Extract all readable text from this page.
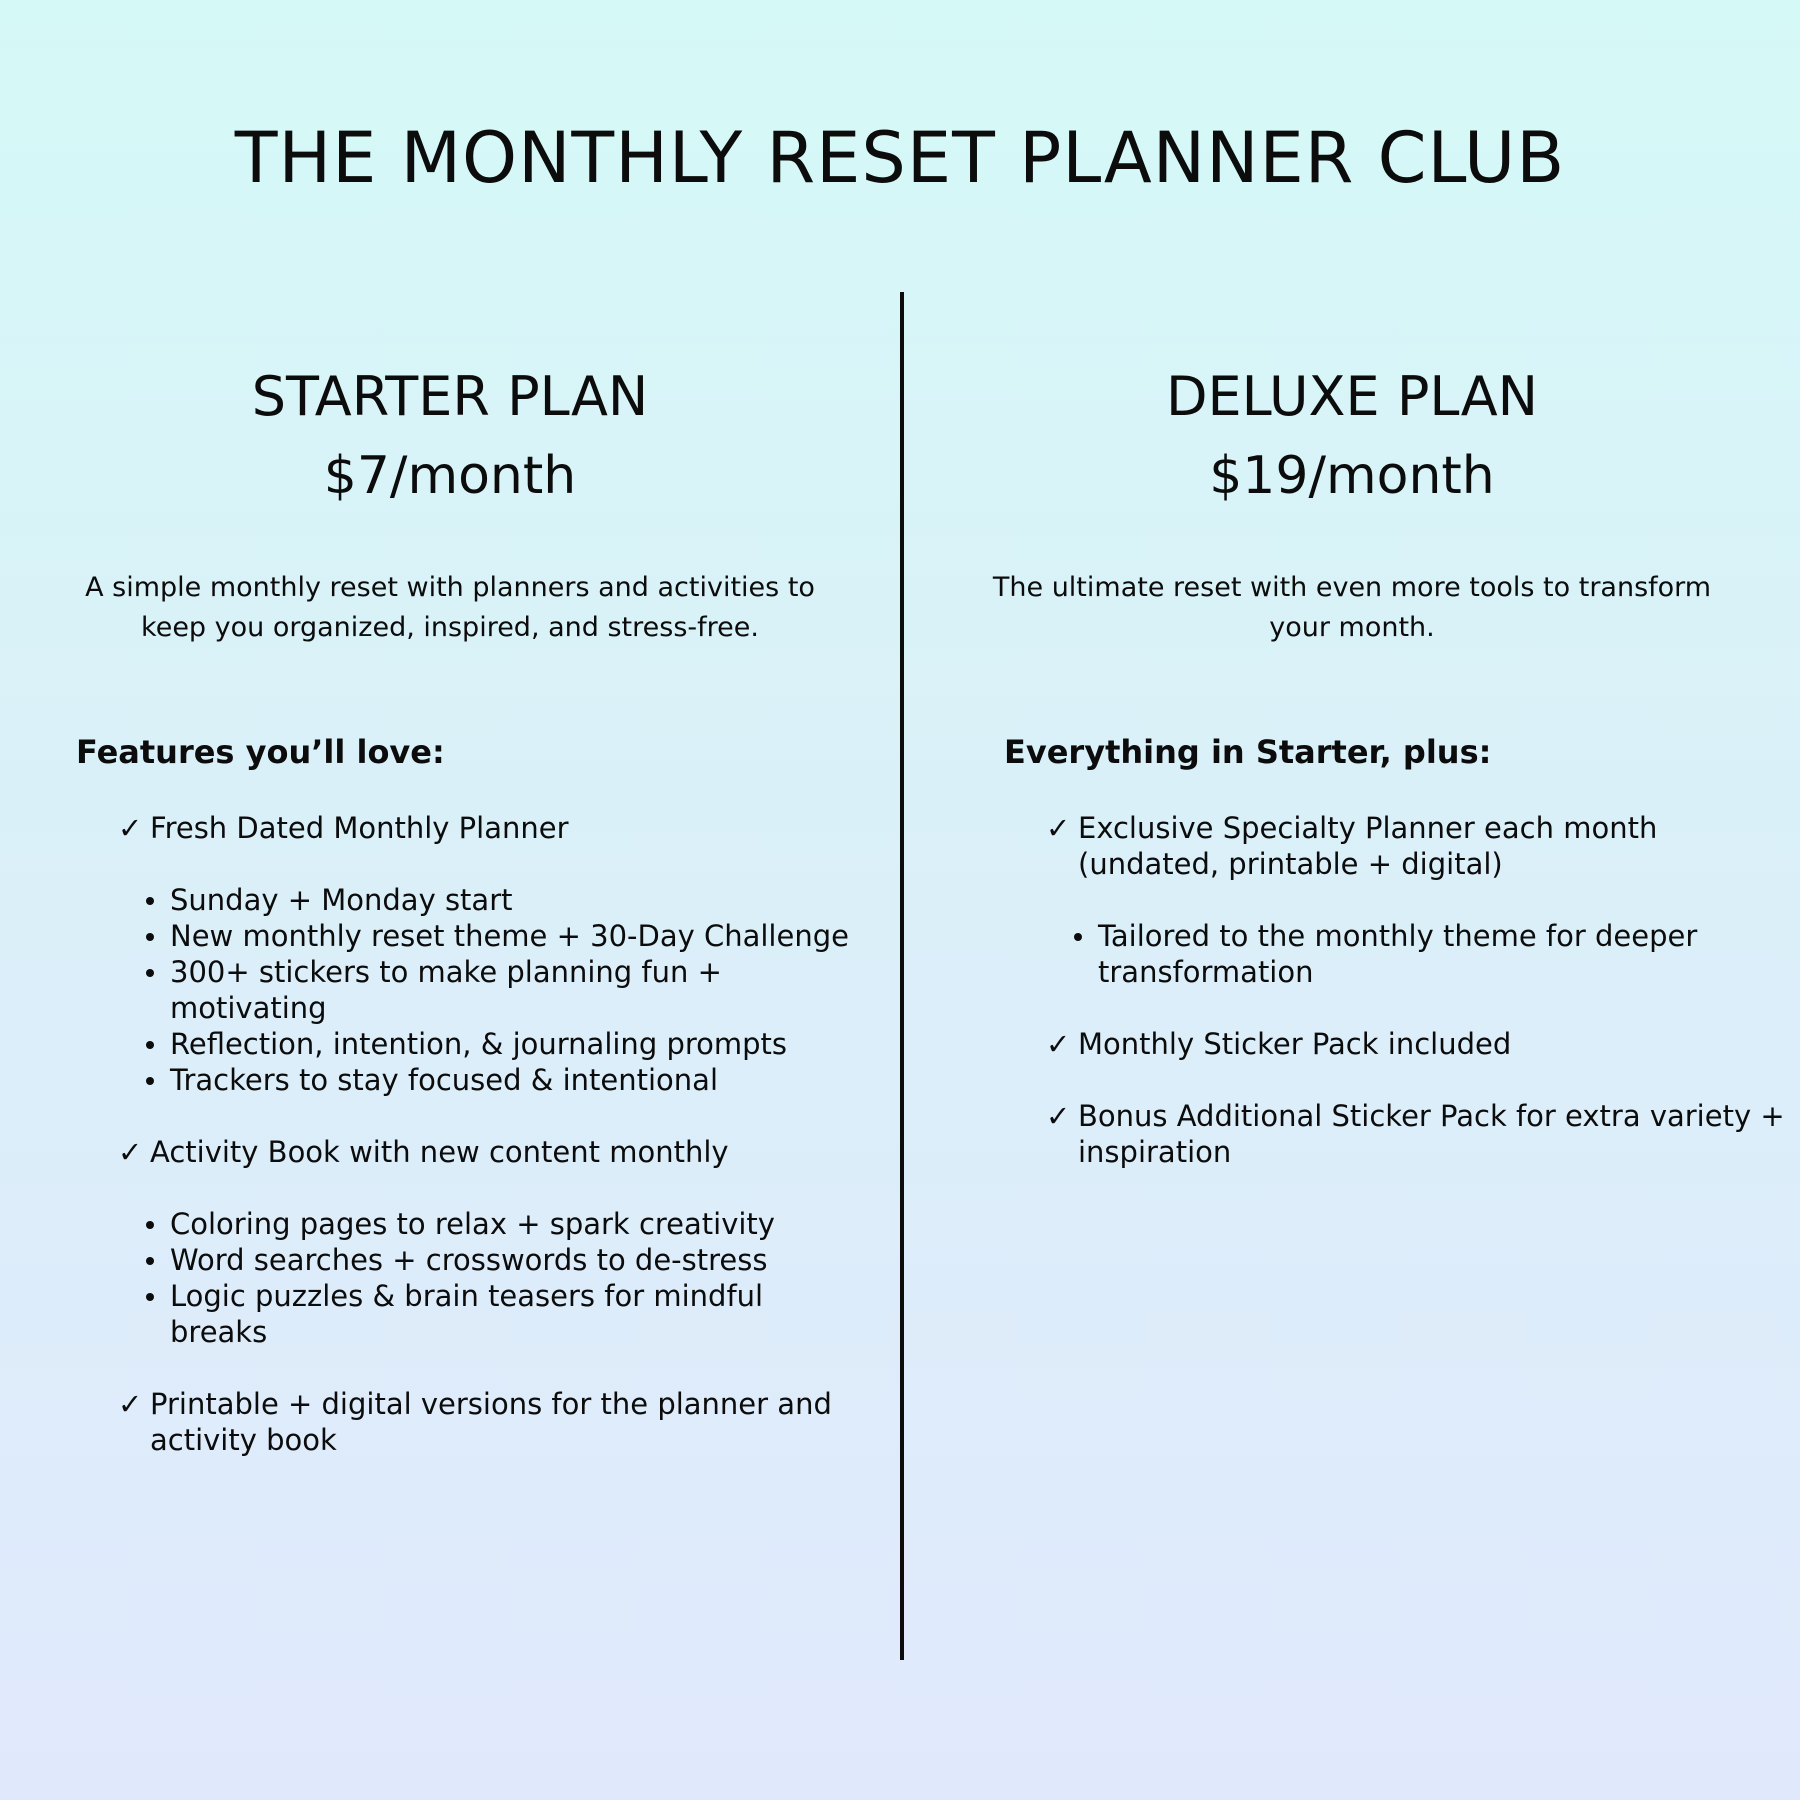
THE MONTHLY RESET PLANNER CLUB
STARTER PLAN
$7/month

A simple monthly reset with planners and activities to keep you organized, inspired, and stress-free.

Features you’ll love:
✓ Fresh Dated Monthly Planner
Sunday + Monday start
New monthly reset theme + 30-Day Challenge
300+ stickers to make planning fun + motivating
Reflection, intention, & journaling prompts
Trackers to stay focused & intentional
✓ Activity Book with new content monthly
Coloring pages to relax + spark creativity
Word searches + crosswords to de-stress
Logic puzzles & brain teasers for mindful breaks
✓ Printable + digital versions for the planner and activity book
DELUXE PLAN
$19/month

The ultimate reset with even more tools to transform your month.

Everything in Starter, plus:
✓ Exclusive Specialty Planner each month (undated, printable + digital)
Tailored to the monthly theme for deeper transformation
✓ Monthly Sticker Pack included
✓ Bonus Additional Sticker Pack for extra variety + inspiration
